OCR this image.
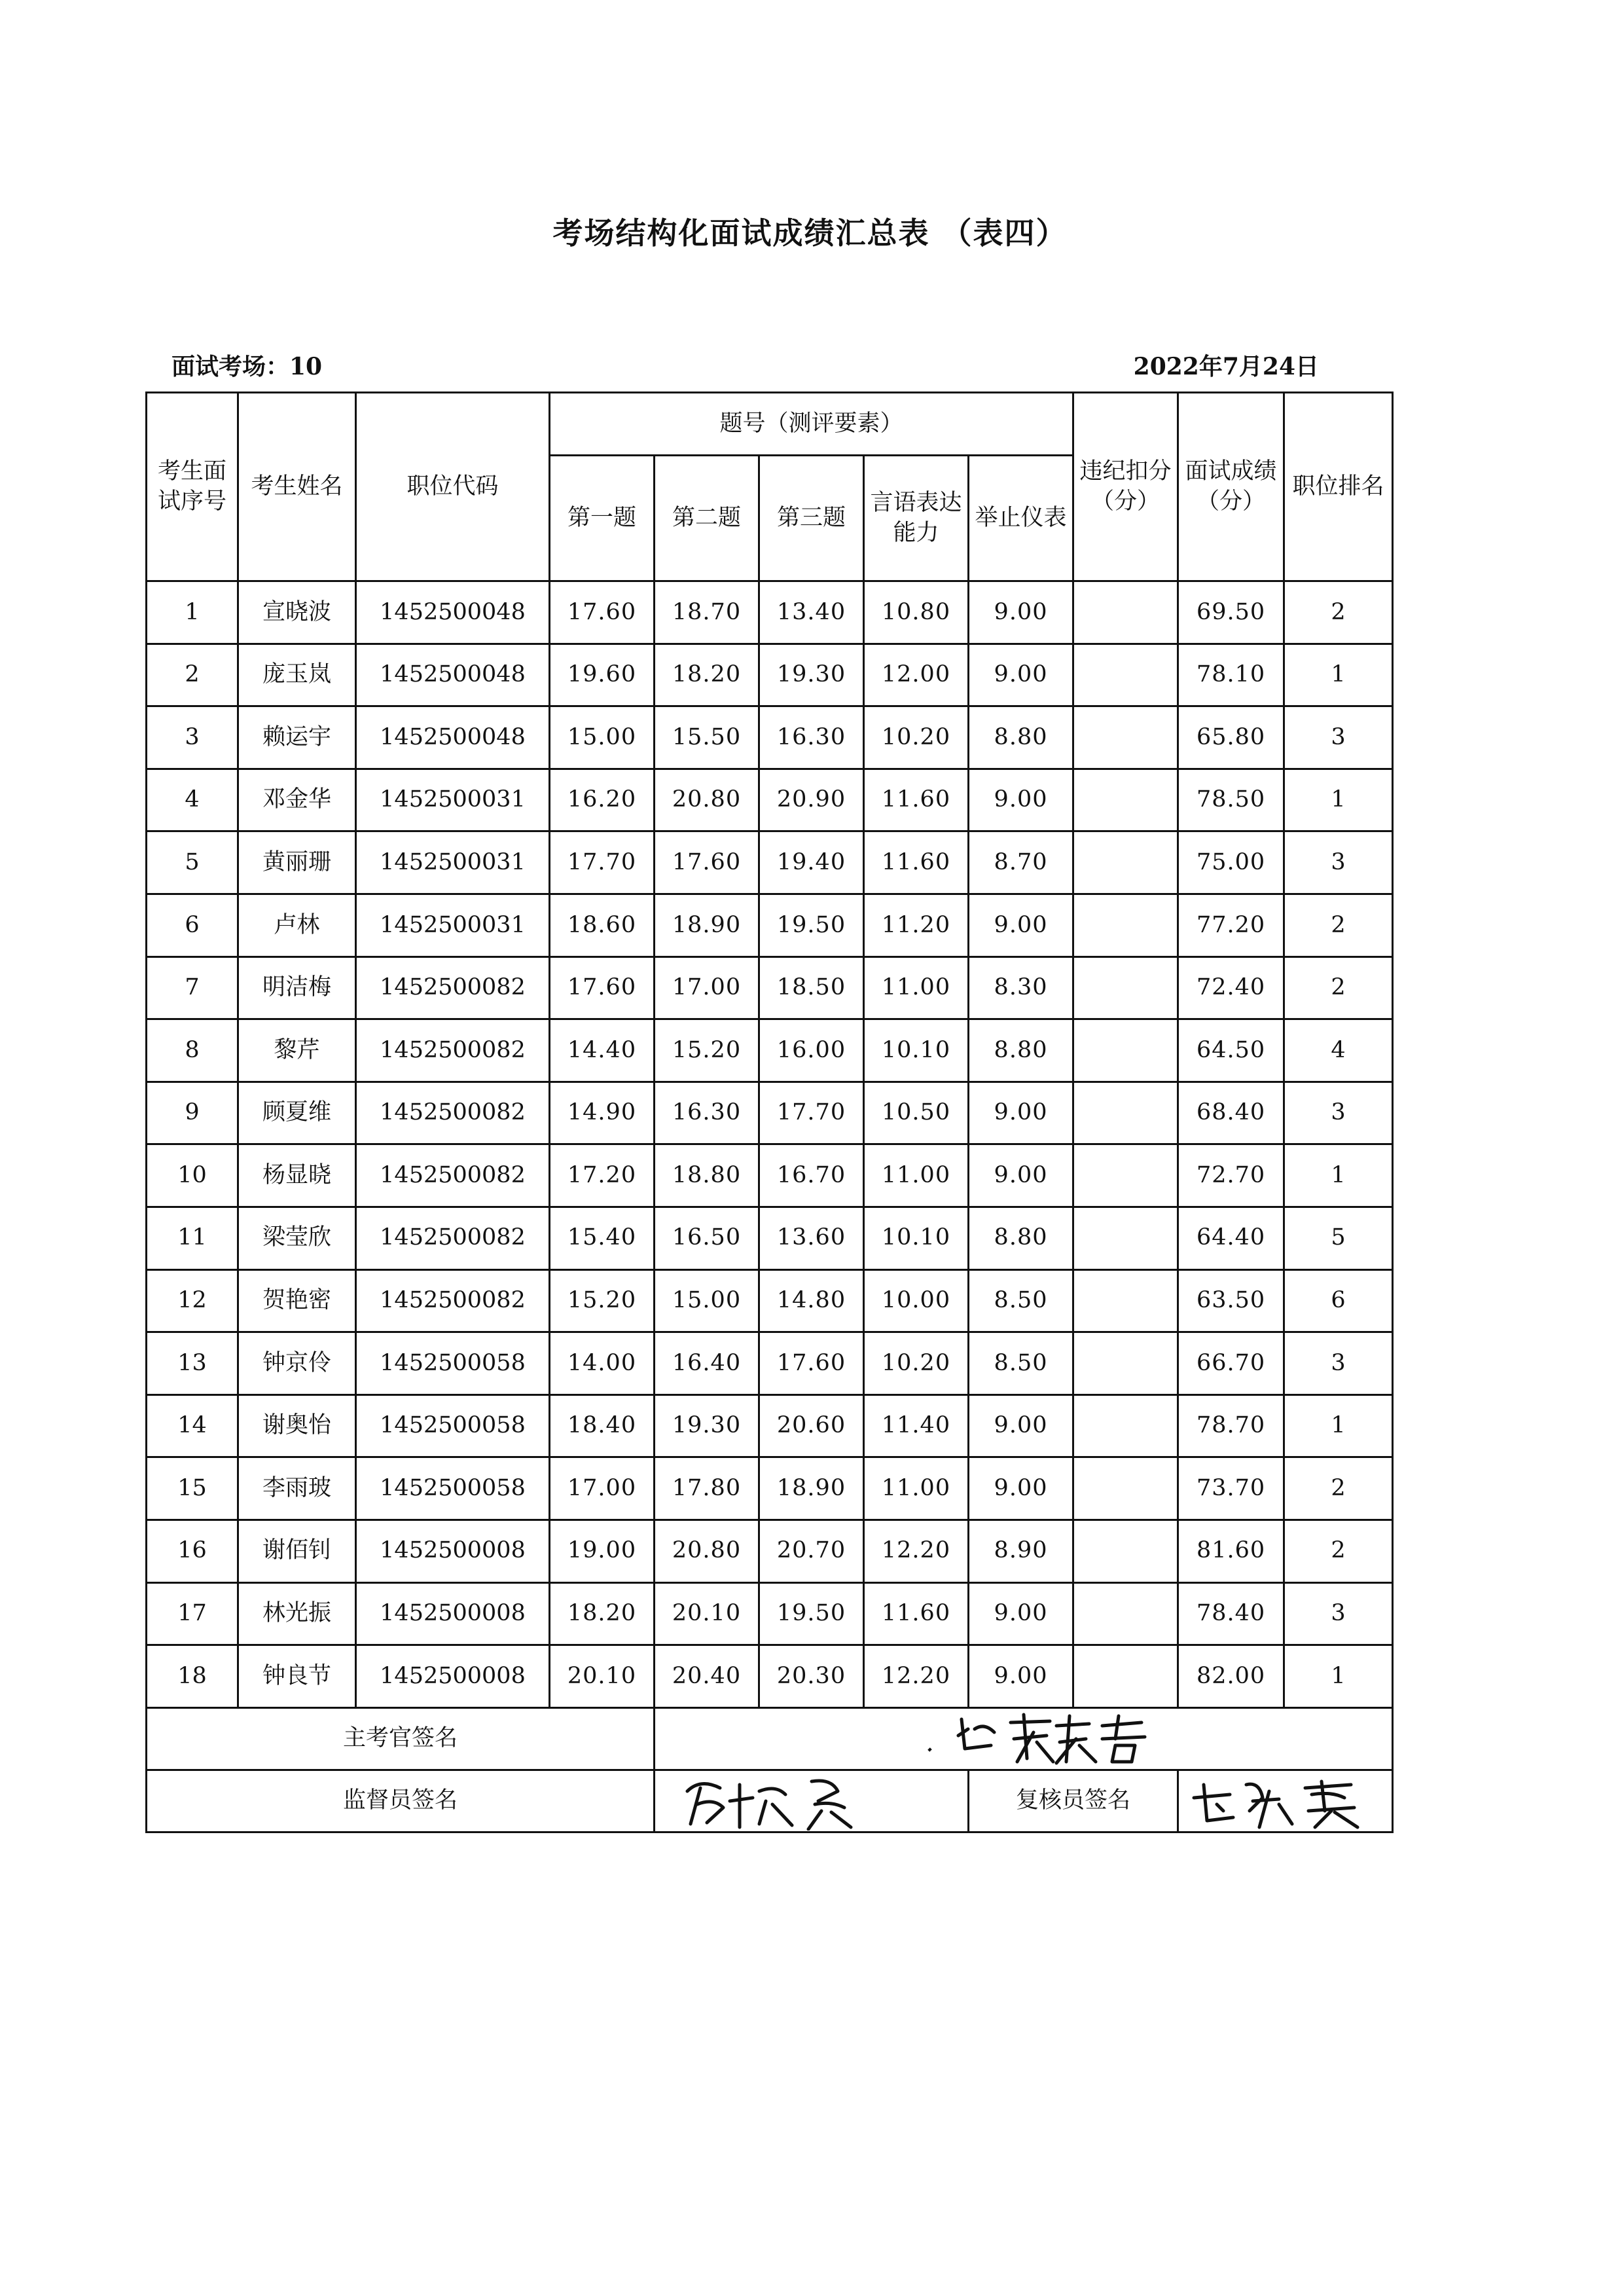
考场结构化面试成绩汇总表 （表四）
面试考场：10	2022年7月24日
考生面试序号	考生姓名	职位代码	题号（测评要素）					违纪扣分（分）	面试成绩（分）	职位排名
			第一题	第二题	第三题	言语表达能力	举止仪表			
1	宣晓波	1452500048	17.60	18.70	13.40	10.80	9.00		69.50	2
2	庞玉岚	1452500048	19.60	18.20	19.30	12.00	9.00		78.10	1
3	赖运宇	1452500048	15.00	15.50	16.30	10.20	8.80		65.80	3
4	邓金华	1452500031	16.20	20.80	20.90	11.60	9.00		78.50	1
5	黄丽珊	1452500031	17.70	17.60	19.40	11.60	8.70		75.00	3
6	卢林	1452500031	18.60	18.90	19.50	11.20	9.00		77.20	2
7	明洁梅	1452500082	17.60	17.00	18.50	11.00	8.30		72.40	2
8	黎芹	1452500082	14.40	15.20	16.00	10.10	8.80		64.50	4
9	顾夏维	1452500082	14.90	16.30	17.70	10.50	9.00		68.40	3
10	杨显晓	1452500082	17.20	18.80	16.70	11.00	9.00		72.70	1
11	梁莹欣	1452500082	15.40	16.50	13.60	10.10	8.80		64.40	5
12	贺艳密	1452500082	15.20	15.00	14.80	10.00	8.50		63.50	6
13	钟京伶	1452500058	14.00	16.40	17.60	10.20	8.50		66.70	3
14	谢奥怡	1452500058	18.40	19.30	20.60	11.40	9.00		78.70	1
15	李雨玻	1452500058	17.00	17.80	18.90	11.00	9.00		73.70	2
16	谢佰钊	1452500008	19.00	20.80	20.70	12.20	8.90		81.60	2
17	林光振	1452500008	18.20	20.10	19.50	11.60	9.00		78.40	3
18	钟良节	1452500008	20.10	20.40	20.30	12.20	9.00		82.00	1
主考官签名	

监督员签名							复核员签名	
